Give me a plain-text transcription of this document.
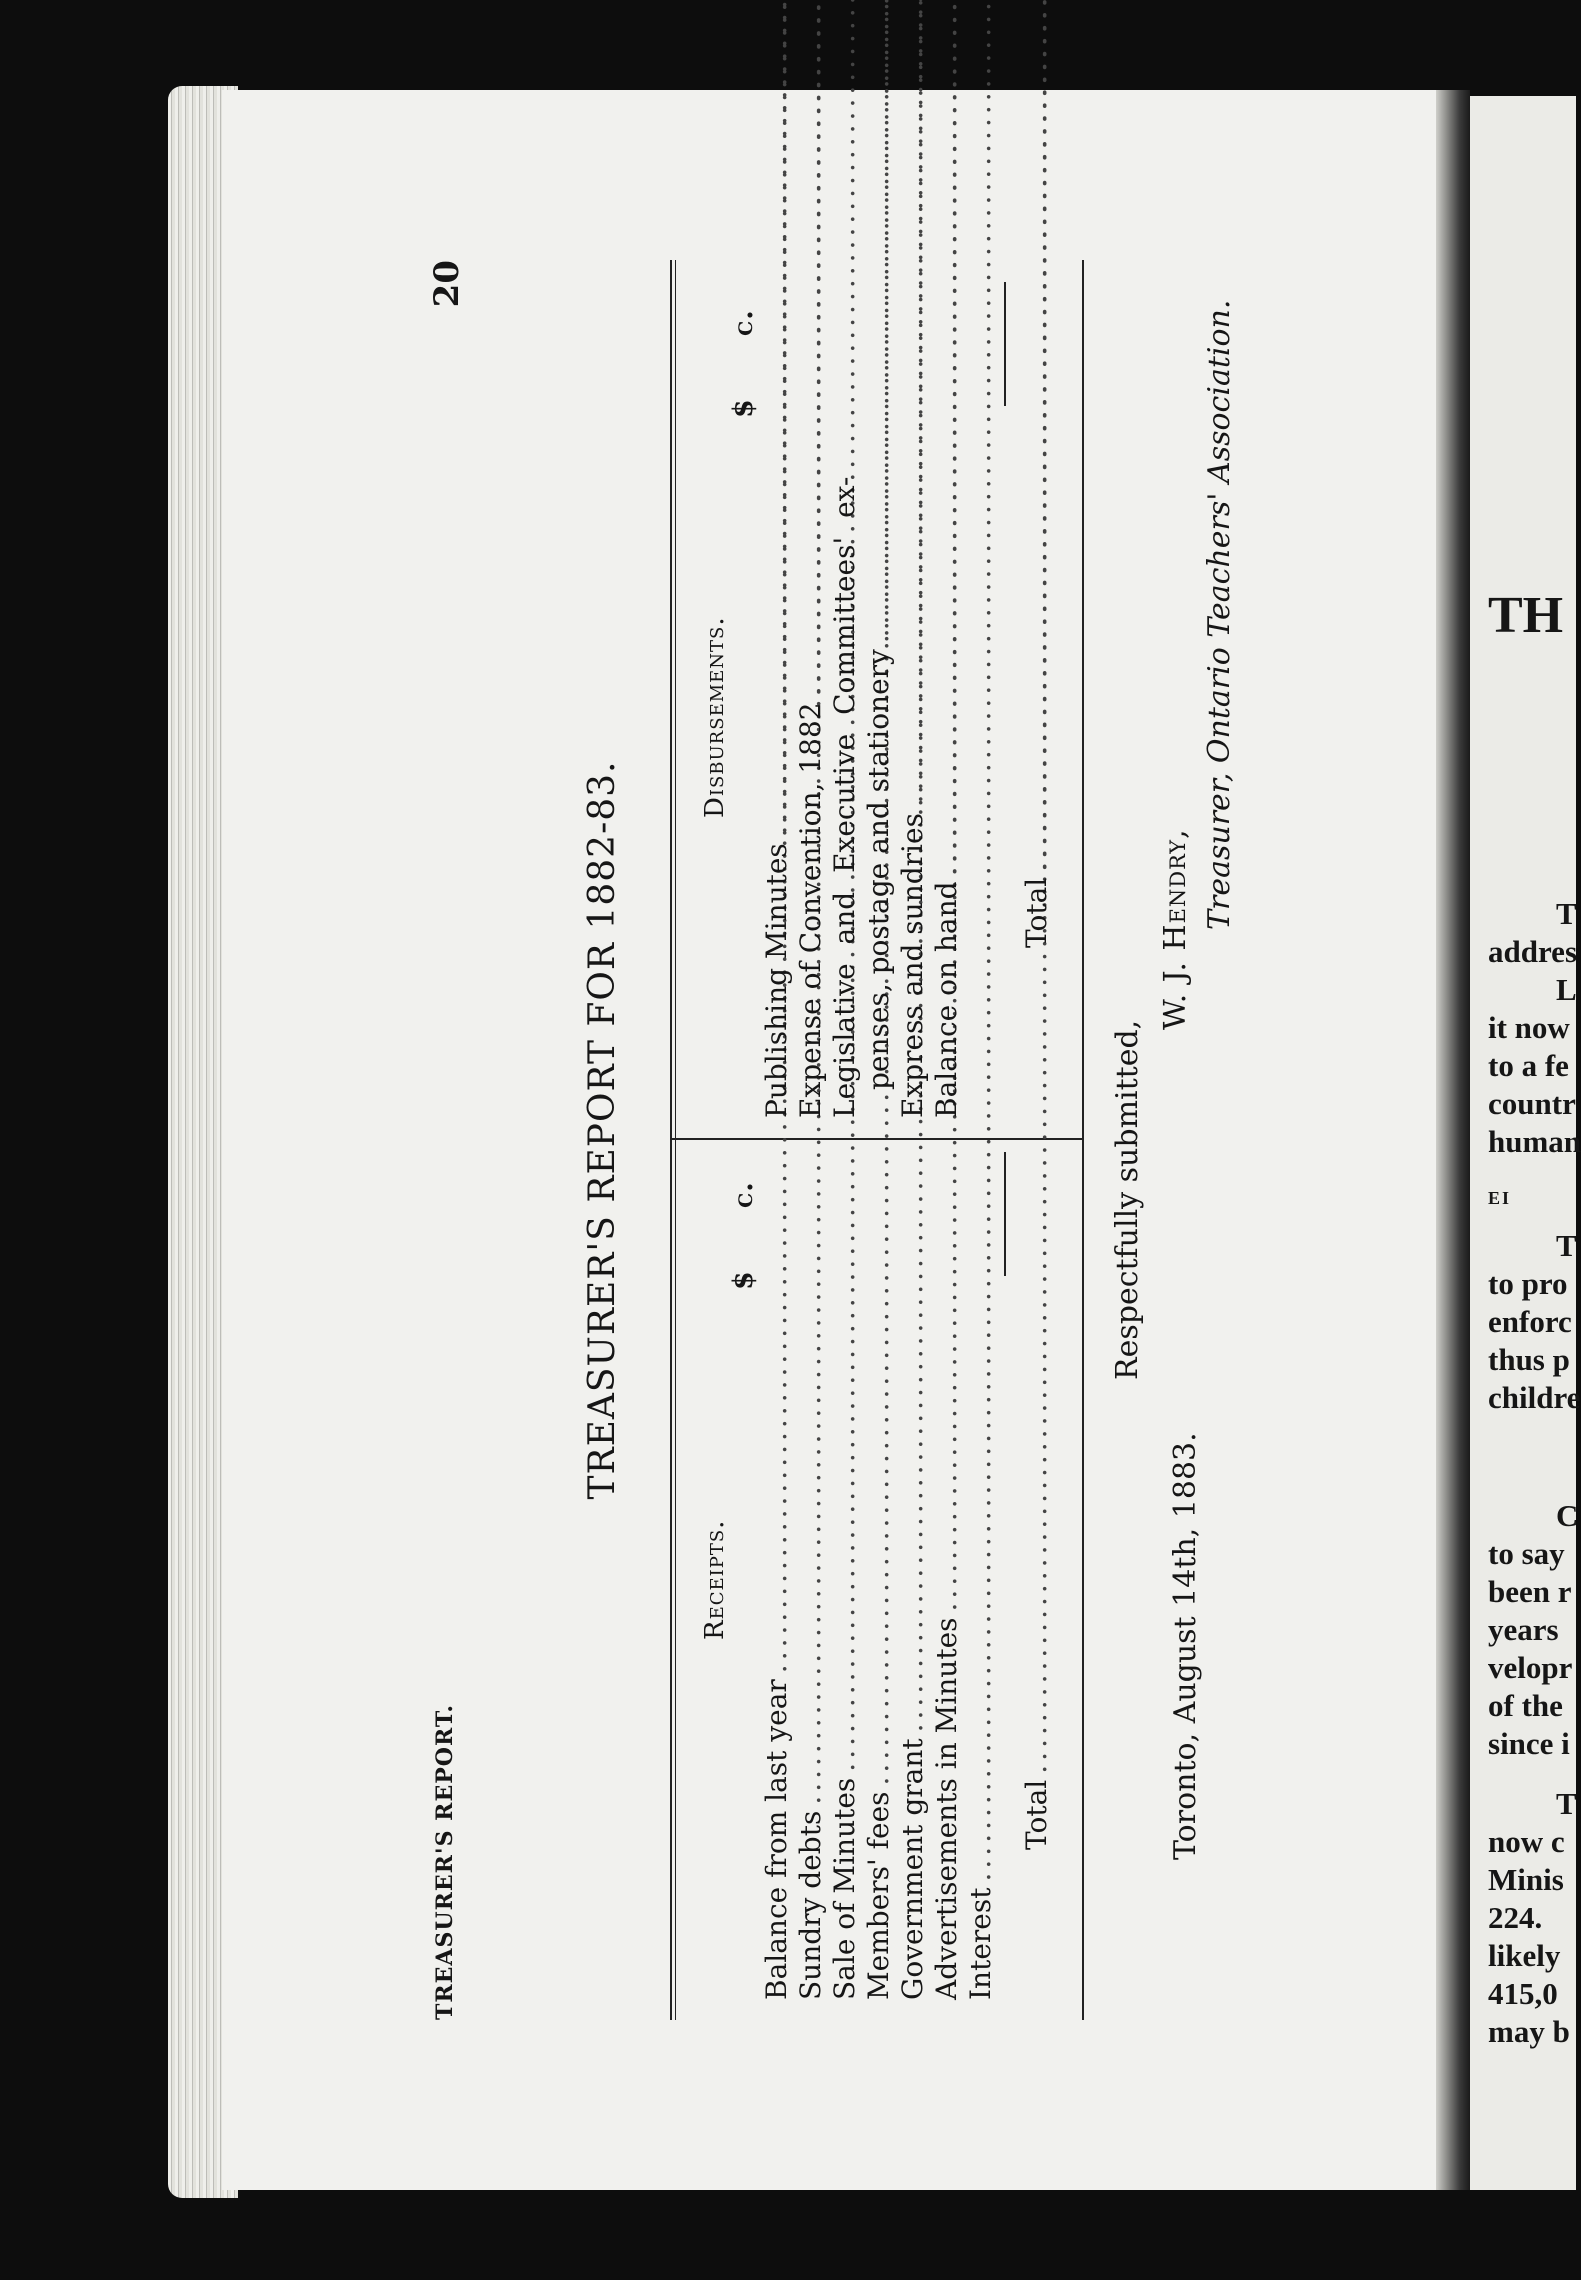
TH
T
addres
L
it now
to a fe
countr
human
EI
T
to pro
enforc
thus p
childre
C
to say
been r
years
velopr
of the
since i
T
now c
Minis
224.
likely
415,0
may b
20
TREASURER'S REPORT.
TREASURER'S REPORT FOR 1882-83.
Receipts.
$      c.
Balance from last year
..... Sundry debts
..... Sale of Minutes
..... Members' fees
..... Government grant
..... Advertisements in Minutes
..... Interest
.....
Total
.....
Disbursements.
$      c.
Publishing Minutes
..... Expense of Convention, 1882
..... Legislative and Executive Committees' ex- penses, postage and stationery
..... Express and sundries
..... Balance on hand
..... Total
.....
Respectfully submitted,
Toronto, August 14th, 1883.
W. J. Hendry, Treasurer, Ontario Teachers' Association.
